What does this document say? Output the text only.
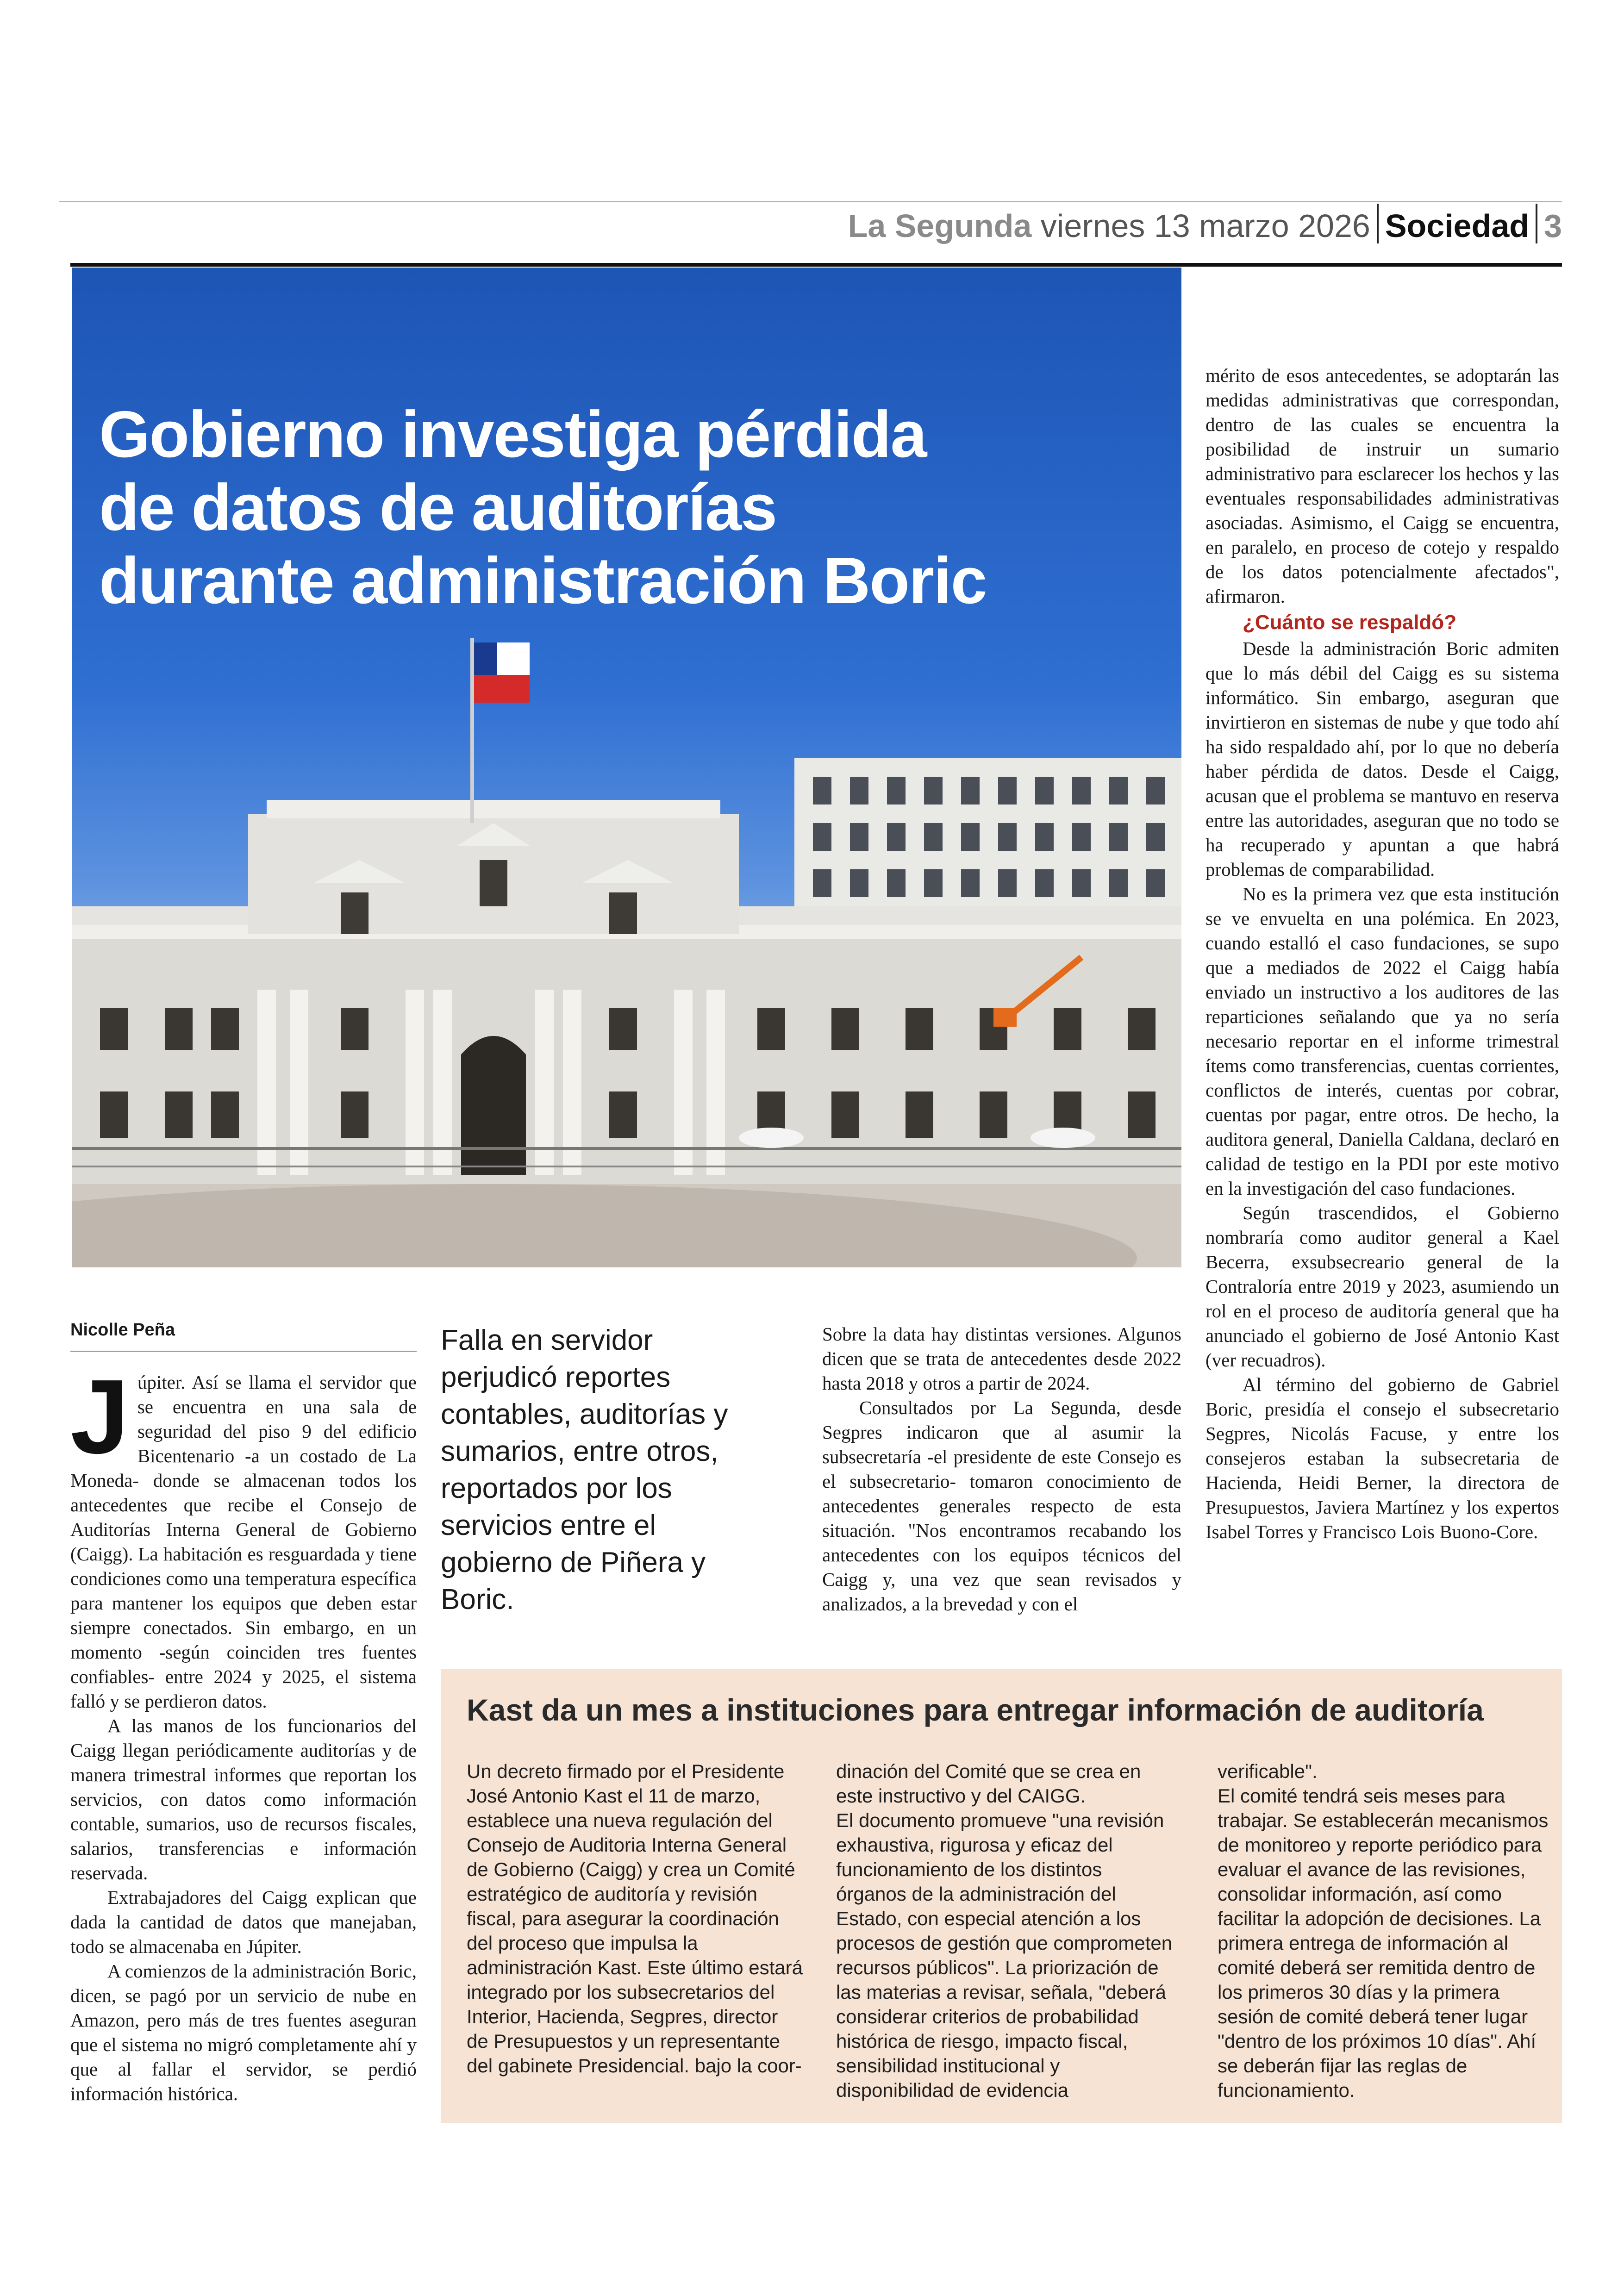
La Segunda viernes 13 marzo 2026 Sociedad 3
Gobierno investiga pérdida
de datos de auditorías
durante administración Boric
Nicolle Peña

Júpiter. Así se llama el servidor que se encuentra en una sala de seguridad del piso 9 del edificio Bicentenario -a un costado de La Moneda- donde se almacenan todos los antecedentes que recibe el Consejo de Auditorías Interna General de Gobierno (Caigg). La habitación es resguardada y tiene condiciones como una temperatura específica para mantener los equipos que deben estar siempre conectados. Sin embargo, en un momento -según coinciden tres fuentes confiables- entre 2024 y 2025, el sistema falló y se perdieron datos.

A las manos de los funcionarios del Caigg llegan periódicamente auditorías y de manera trimestral informes que reportan los servicios, con datos como información contable, sumarios, uso de recursos fiscales, salarios, transferencias e información reservada.

Extrabajadores del Caigg explican que dada la cantidad de datos que manejaban, todo se almacenaba en Júpiter.

A comienzos de la administración Boric, dicen, se pagó por un servicio de nube en Amazon, pero más de tres fuentes aseguran que el sistema no migró completamente ahí y que al fallar el servidor, se perdió información histórica.

Falla en servidor perjudicó reportes contables, auditorías y sumarios, entre otros, reportados por los servicios entre el gobierno de Piñera y Boric.

Sobre la data hay distintas versiones. Algunos dicen que se trata de antecedentes desde 2022 hasta 2018 y otros a partir de 2024.

Consultados por La Segunda, desde Segpres indicaron que al asumir la subsecretaría -el presidente de este Consejo es el subsecretario- tomaron conocimiento de antecedentes generales respecto de esta situación. "Nos encontramos recabando los antecedentes con los equipos técnicos del Caigg y, una vez que sean revisados y analizados, a la brevedad y con el

mérito de esos antecedentes, se adoptarán las medidas administrativas que correspondan, dentro de las cuales se encuentra la posibilidad de instruir un sumario administrativo para esclarecer los hechos y las eventuales responsabilidades administrativas asociadas. Asimismo, el Caigg se encuentra, en paralelo, en proceso de cotejo y respaldo de los datos potencialmente afectados", afirmaron.

¿Cuánto se respaldó?

Desde la administración Boric admiten que lo más débil del Caigg es su sistema informático. Sin embargo, aseguran que invirtieron en sistemas de nube y que todo ahí ha sido respaldado ahí, por lo que no debería haber pérdida de datos. Desde el Caigg, acusan que el problema se mantuvo en reserva entre las autoridades, aseguran que no todo se ha recuperado y apuntan a que habrá problemas de comparabilidad.

No es la primera vez que esta institución se ve envuelta en una polémica. En 2023, cuando estalló el caso fundaciones, se supo que a mediados de 2022 el Caigg había enviado un instructivo a los auditores de las reparticiones señalando que ya no sería necesario reportar en el informe trimestral ítems como transferencias, cuentas corrientes, conflictos de interés, cuentas por cobrar, cuentas por pagar, entre otros. De hecho, la auditora general, Daniella Caldana, declaró en calidad de testigo en la PDI por este motivo en la investigación del caso fundaciones.

Según trascendidos, el Gobierno nombraría como auditor general a Kael Becerra, exsubsecreario general de la Contraloría entre 2019 y 2023, asumiendo un rol en el proceso de auditoría general que ha anunciado el gobierno de José Antonio Kast (ver recuadros).

Al término del gobierno de Gabriel Boric, presidía el consejo el subsecretario Segpres, Nicolás Facuse, y entre los consejeros estaban la subsecretaria de Hacienda, Heidi Berner, la directora de Presupuestos, Javiera Martínez y los expertos Isabel Torres y Francisco Lois Buono-Core.

Kast da un mes a instituciones para entregar información de auditoría

Un decreto firmado por el Presidente José Antonio Kast el 11 de marzo, establece una nueva regulación del Consejo de Auditoria Interna General de Gobierno (Caigg) y crea un Comité estratégico de auditoría y revisión fiscal, para asegurar la coordinación del proceso que impulsa la administración Kast. Este último estará integrado por los subsecretarios del Interior, Hacienda, Segpres, director de Presupuestos y un representante del gabinete Presidencial. bajo la coor-

dinación del Comité que se crea en este instructivo y del CAIGG.

El documento promueve "una revisión exhaustiva, rigurosa y eficaz del funcionamiento de los distintos órganos de la administración del Estado, con especial atención a los procesos de gestión que comprometen recursos públicos". La priorización de las materias a revisar, señala, "deberá considerar criterios de probabilidad histórica de riesgo, impacto fiscal, sensibilidad institucional y disponibilidad de evidencia

verificable".

El comité tendrá seis meses para trabajar. Se establecerán mecanismos de monitoreo y reporte periódico para evaluar el avance de las revisiones, consolidar información, así como facilitar la adopción de decisiones. La primera entrega de información al comité deberá ser remitida dentro de los primeros 30 días y la primera sesión de comité deberá tener lugar "dentro de los próximos 10 días". Ahí se deberán fijar las reglas de funcionamiento.
